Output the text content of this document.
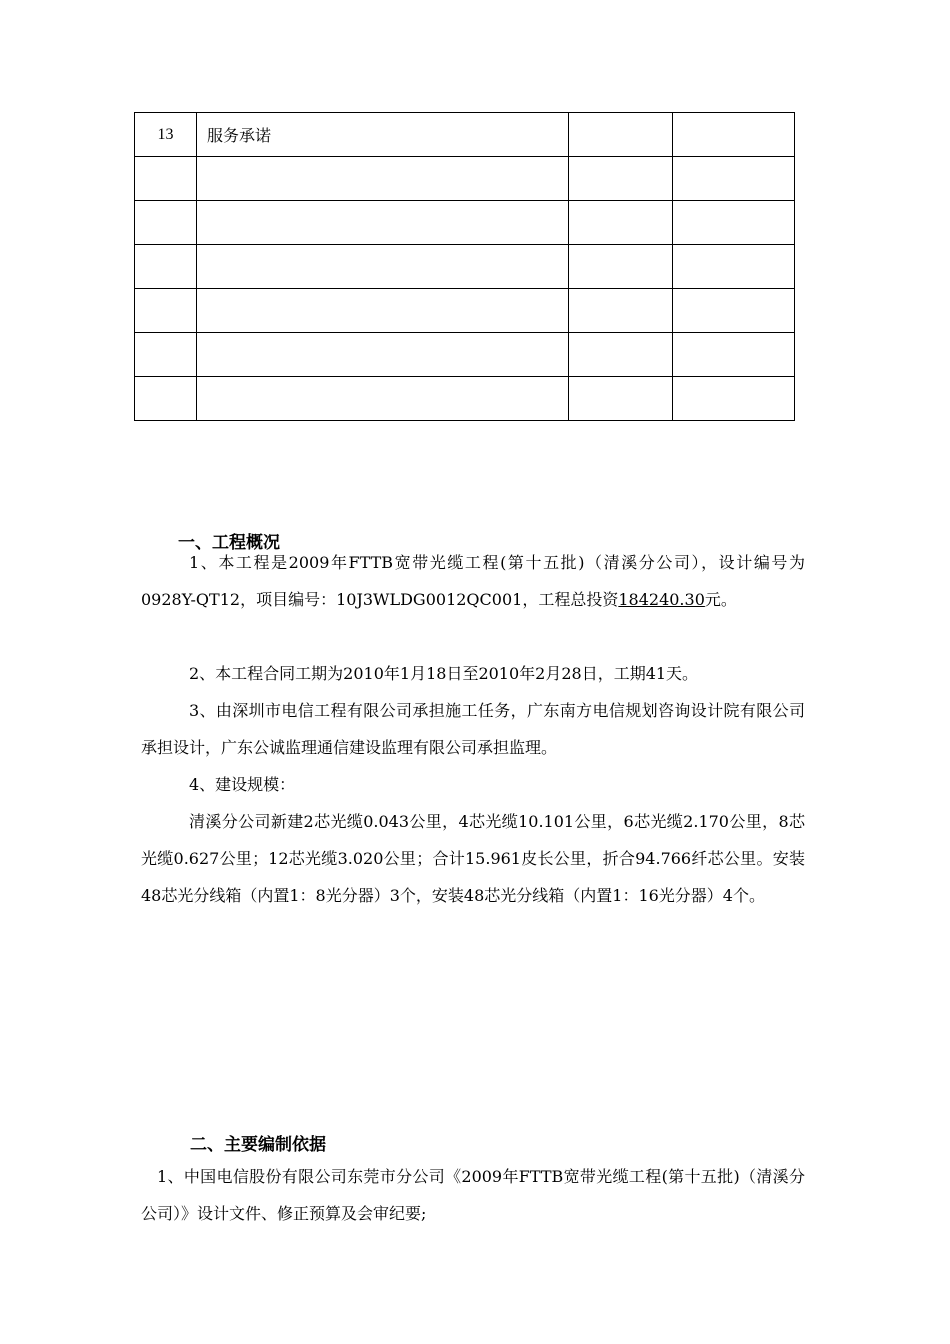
13	服务承诺		

一、工程概况

1、本工程是2009年FTTB宽带光缆工程(第十五批)（清溪分公司），设计编号为0928Y-QT12，项目编号：10J3WLDG0012QC001，工程总投资184240.30元。

2、本工程合同工期为2010年1月18日至2010年2月28日，工期41天。

3、由深圳市电信工程有限公司承担施工任务，广东南方电信规划咨询设计院有限公司承担设计，广东公诚监理通信建设监理有限公司承担监理。

4、建设规模：

清溪分公司新建2芯光缆0.043公里，4芯光缆10.101公里，6芯光缆2.170公里，8芯光缆0.627公里；12芯光缆3.020公里；合计15.961皮长公里，折合94.766纤芯公里。安装48芯光分线箱（内置1：8光分器）3个，安装48芯光分线箱（内置1：16光分器）4个。

二、主要编制依据

1、中国电信股份有限公司东莞市分公司《2009年FTTB宽带光缆工程(第十五批)（清溪分公司）》设计文件、修正预算及会审纪要;
